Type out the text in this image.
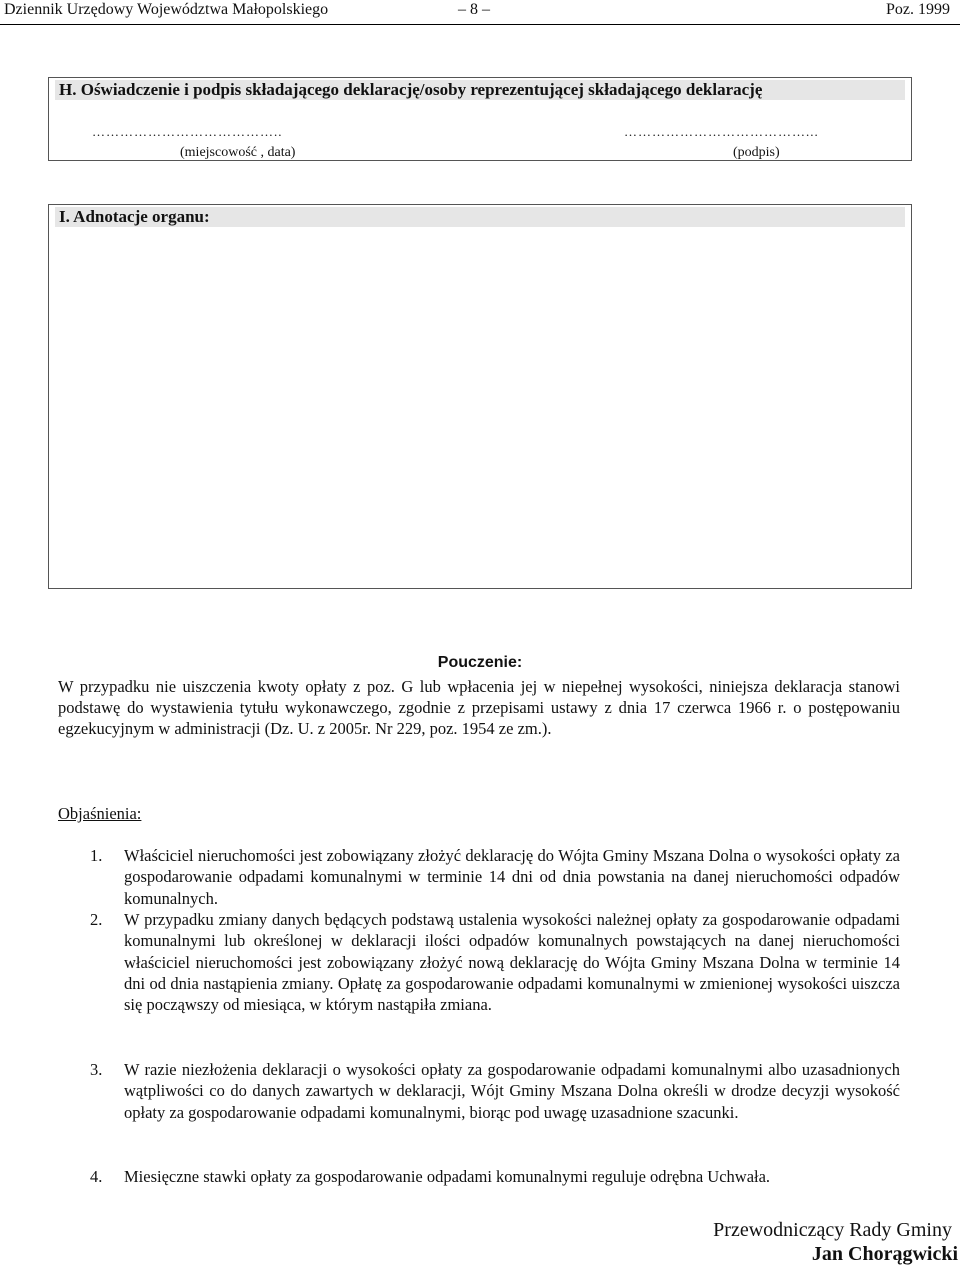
Dziennik Urzędowy Województwa Małopolskiego	– 8 –	Poz. 1999
H. Oświadczenie i podpis składającego deklarację/osoby reprezentującej składającego deklarację
…………………………………..
(miejscowość , data)
…………………………………...
(podpis)
I. Adnotacje organu:
Pouczenie:
W przypadku nie uiszczenia kwoty opłaty z poz. G lub wpłacenia jej w niepełnej wysokości, niniejsza deklaracja stanowi podstawę do wystawienia tytułu wykonawczego, zgodnie z przepisami ustawy z dnia 17 czerwca 1966 r. o postępowaniu egzekucyjnym w administracji (Dz. U. z 2005r. Nr 229, poz. 1954 ze zm.).
Objaśnienia:
1. Właściciel nieruchomości jest zobowiązany złożyć deklarację do Wójta Gminy Mszana Dolna o wysokości opłaty za gospodarowanie odpadami komunalnymi w terminie 14 dni od dnia powstania na danej nieruchomości odpadów komunalnych.
2. W przypadku zmiany danych będących podstawą ustalenia wysokości należnej opłaty za gospodarowanie odpadami komunalnymi lub określonej w deklaracji ilości odpadów komunalnych powstających na danej nieruchomości właściciel nieruchomości jest zobowiązany złożyć nową deklarację do Wójta Gminy Mszana Dolna w terminie 14 dni od dnia nastąpienia zmiany. Opłatę za gospodarowanie odpadami komunalnymi w zmienionej wysokości uiszcza się począwszy od miesiąca, w którym nastąpiła zmiana.
3. W razie niezłożenia deklaracji o wysokości opłaty za gospodarowanie odpadami komunalnymi albo uzasadnionych wątpliwości co do danych zawartych w deklaracji, Wójt Gminy Mszana Dolna określi w drodze decyzji wysokość opłaty za gospodarowanie odpadami komunalnymi, biorąc pod uwagę uzasadnione szacunki.
4. Miesięczne stawki opłaty za gospodarowanie odpadami komunalnymi reguluje odrębna Uchwała.
Przewodniczący Rady Gminy
Jan Chorągwicki
